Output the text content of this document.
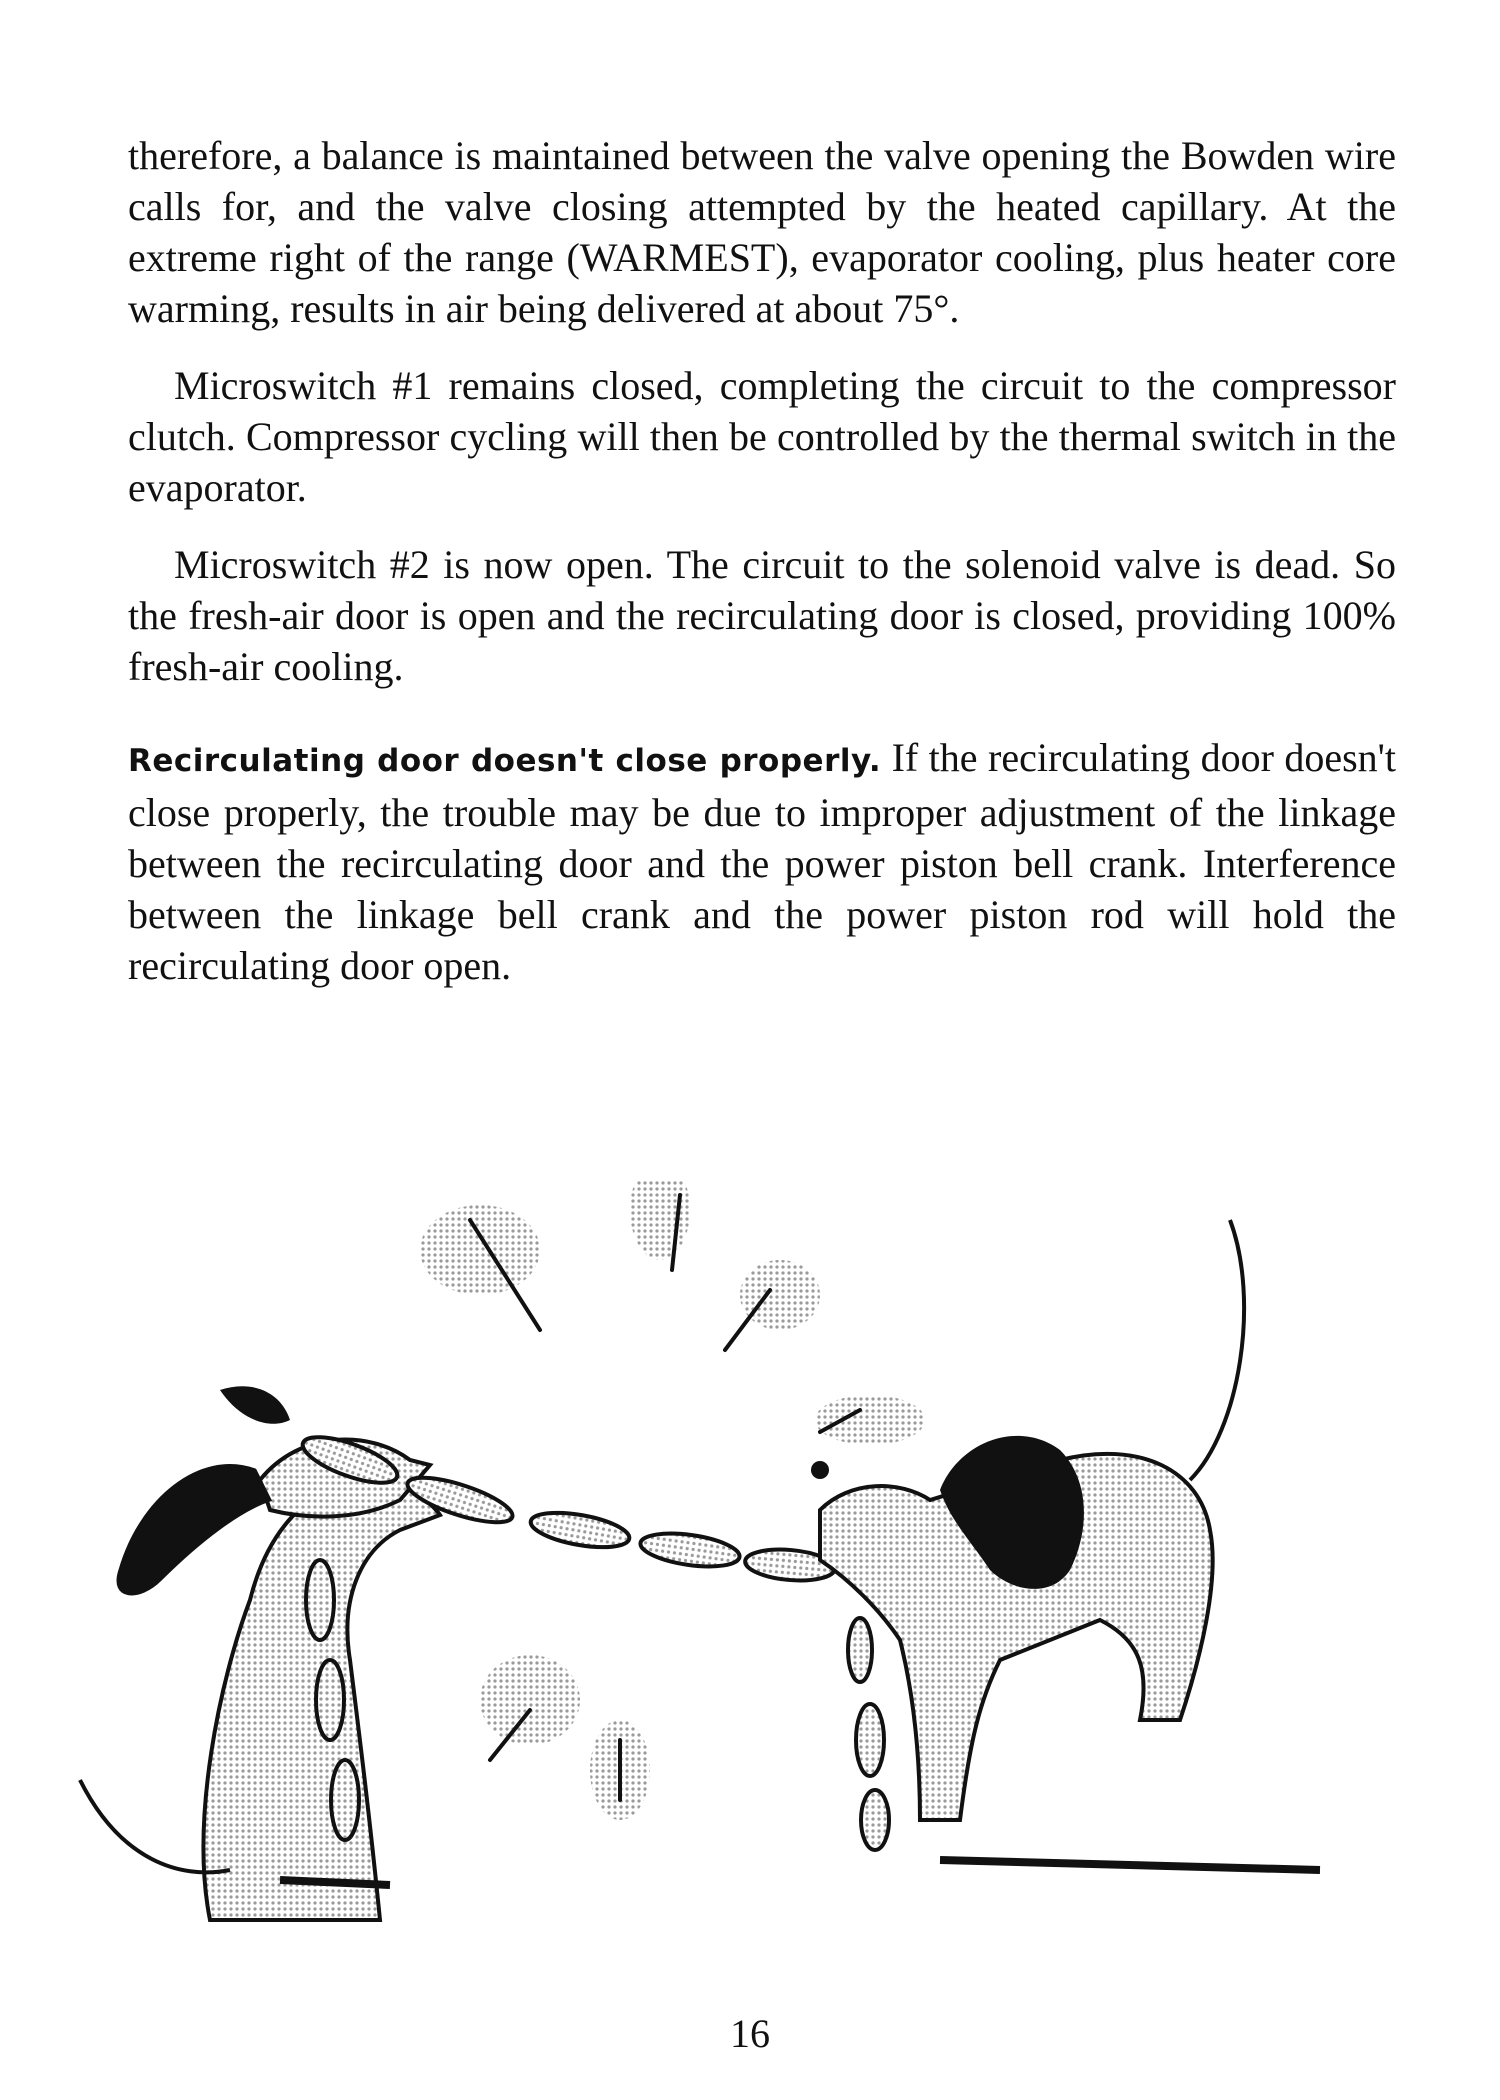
therefore, a balance is maintained between the valve opening the Bowden wire calls for, and the valve closing attempted by the heated capillary. At the extreme right of the range (WARMEST), evaporator cooling, plus heater core warming, results in air being delivered at about 75°.

Microswitch #1 remains closed, completing the circuit to the compressor clutch. Compressor cycling will then be controlled by the thermal switch in the evaporator.

Microswitch #2 is now open. The circuit to the solenoid valve is dead. So the fresh-air door is open and the recirculating door is closed, providing 100% fresh-air cooling.

Recirculating door doesn't close properly. If the recirculating door doesn't close properly, the trouble may be due to improper adjustment of the linkage between the recirculating door and the power piston bell crank. Interference between the linkage bell crank and the power piston rod will hold the recirculating door open.

16
